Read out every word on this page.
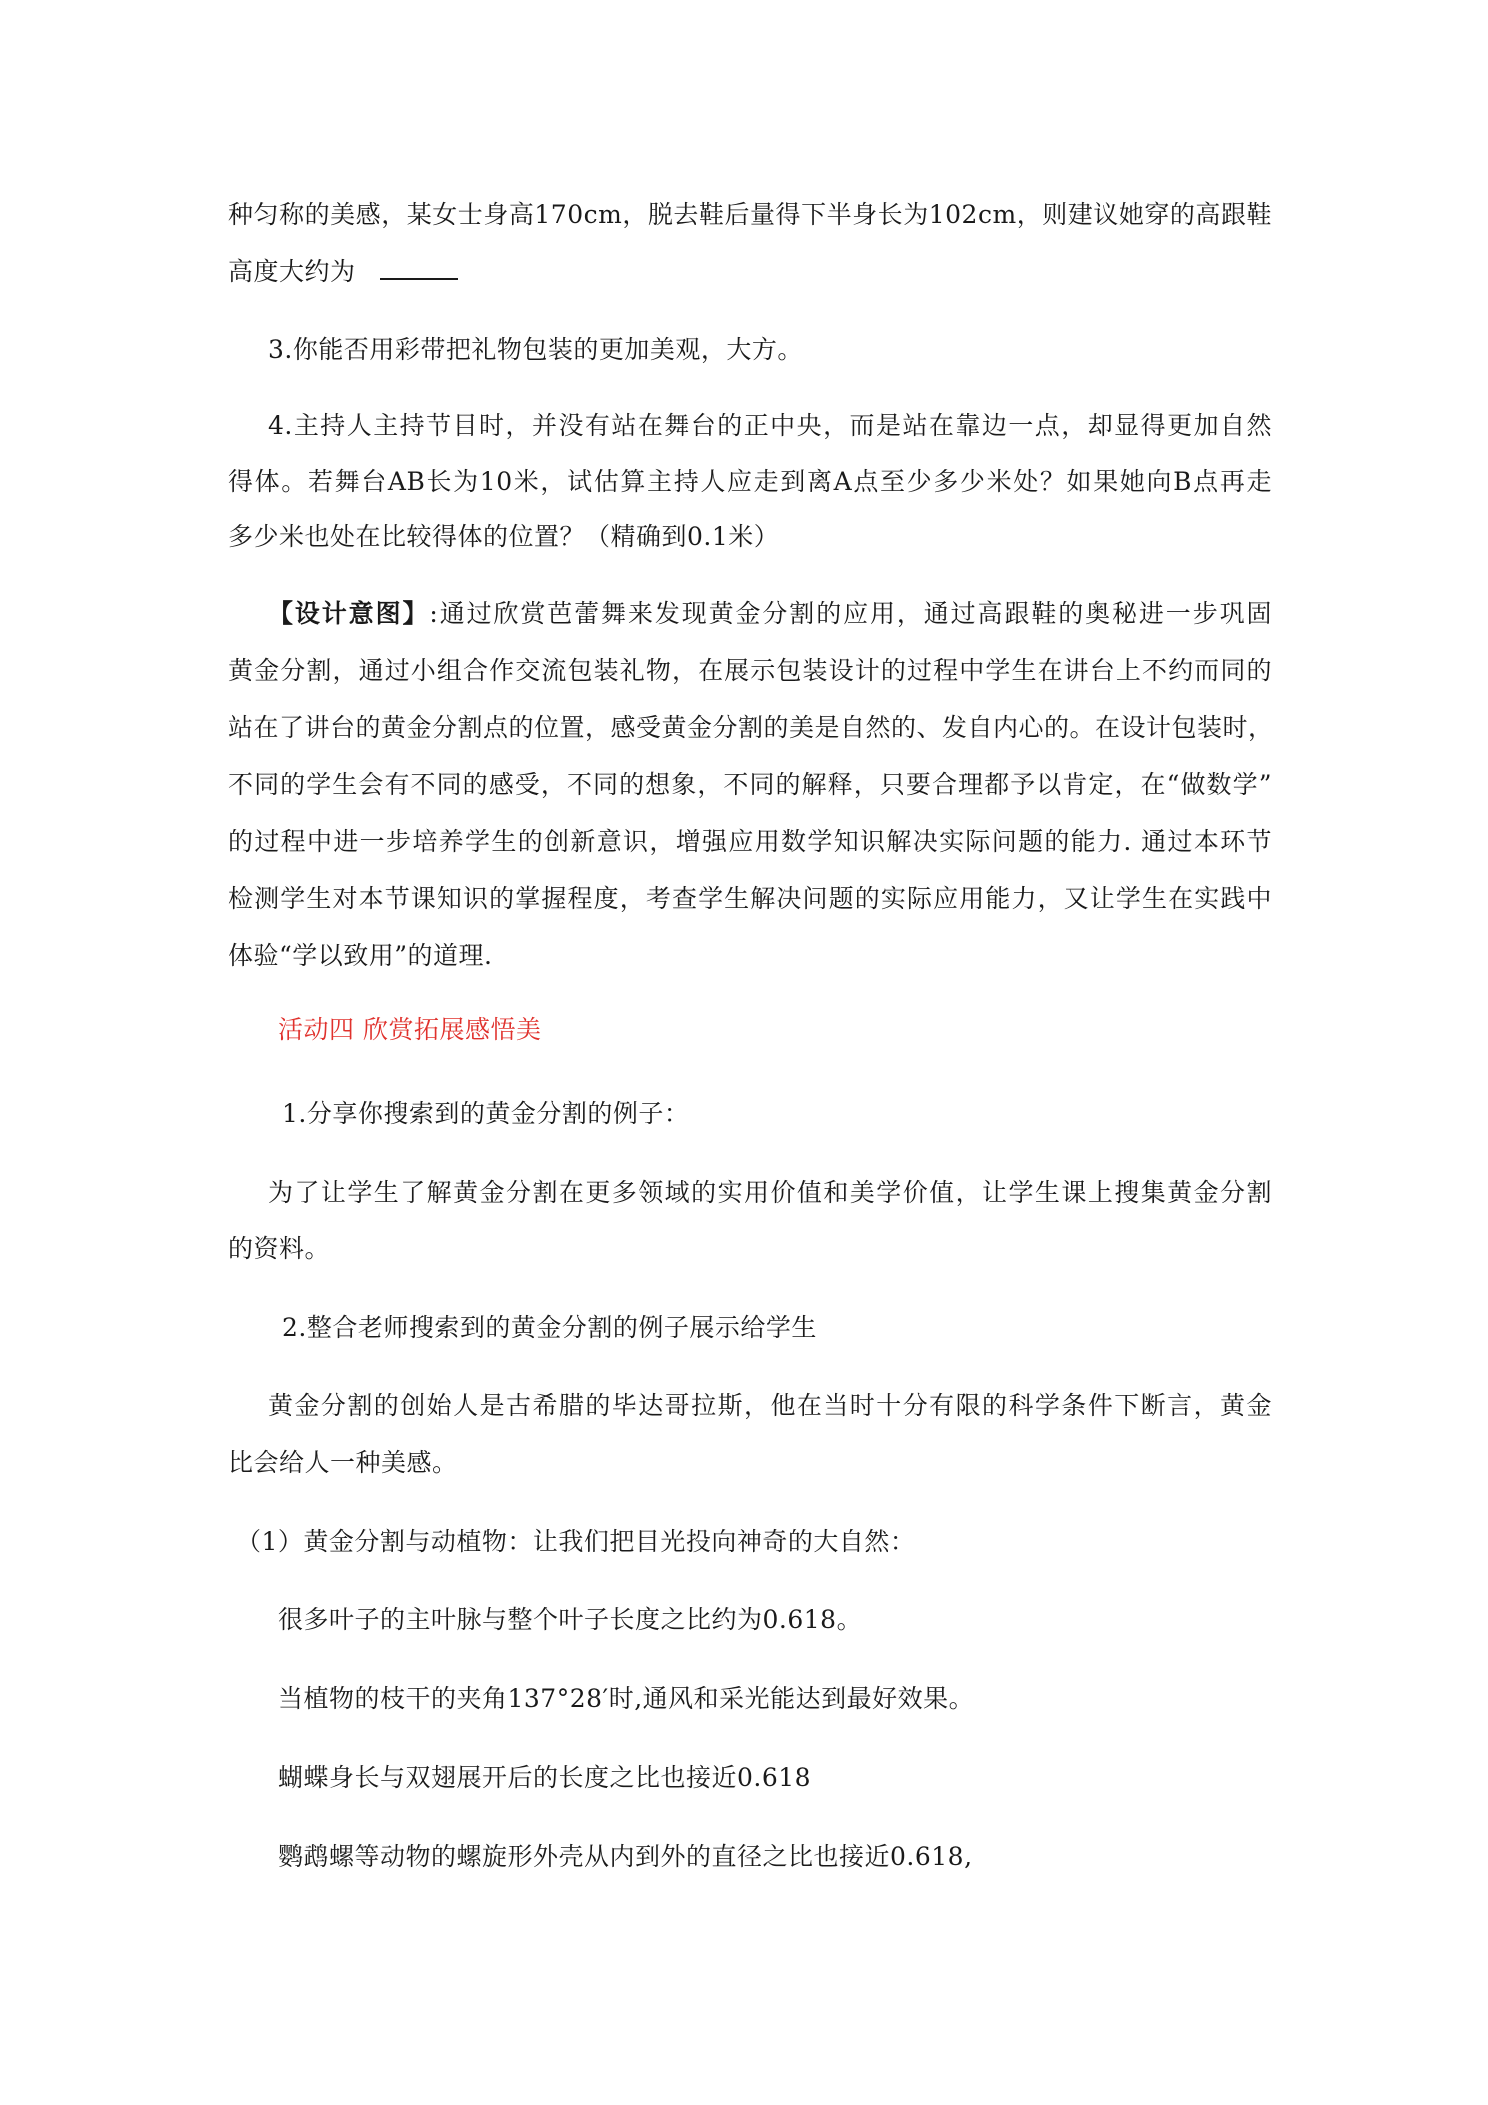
种匀称的美感，某女士身高170cm，脱去鞋后量得下半身长为102cm，则建议她穿的高跟鞋
高度大约为
3.你能否用彩带把礼物包装的更加美观，大方。
4.主持人主持节目时，并没有站在舞台的正中央，而是站在靠边一点，却显得更加自然
得体。若舞台AB长为10米，试估算主持人应走到离A点至少多少米处？如果她向B点再走
多少米也处在比较得体的位置？（精确到0.1米）
【设计意图】:通过欣赏芭蕾舞来发现黄金分割的应用，通过高跟鞋的奥秘进一步巩固
黄金分割，通过小组合作交流包装礼物，在展示包装设计的过程中学生在讲台上不约而同的
站在了讲台的黄金分割点的位置，感受黄金分割的美是自然的、发自内心的。在设计包装时，
不同的学生会有不同的感受，不同的想象，不同的解释，只要合理都予以肯定，在“做数学”
的过程中进一步培养学生的创新意识，增强应用数学知识解决实际问题的能力. 通过本环节
检测学生对本节课知识的掌握程度，考查学生解决问题的实际应用能力，又让学生在实践中
体验“学以致用”的道理.
活动四 欣赏拓展感悟美
1.分享你搜索到的黄金分割的例子：
为了让学生了解黄金分割在更多领域的实用价值和美学价值，让学生课上搜集黄金分割
的资料。
2.整合老师搜索到的黄金分割的例子展示给学生
黄金分割的创始人是古希腊的毕达哥拉斯，他在当时十分有限的科学条件下断言，黄金
比会给人一种美感。
（1）黄金分割与动植物：让我们把目光投向神奇的大自然：
很多叶子的主叶脉与整个叶子长度之比约为0.618。
当植物的枝干的夹角137°28′时,通风和采光能达到最好效果。
蝴蝶身长与双翅展开后的长度之比也接近0.618
鹦鹉螺等动物的螺旋形外壳从内到外的直径之比也接近0.618,
